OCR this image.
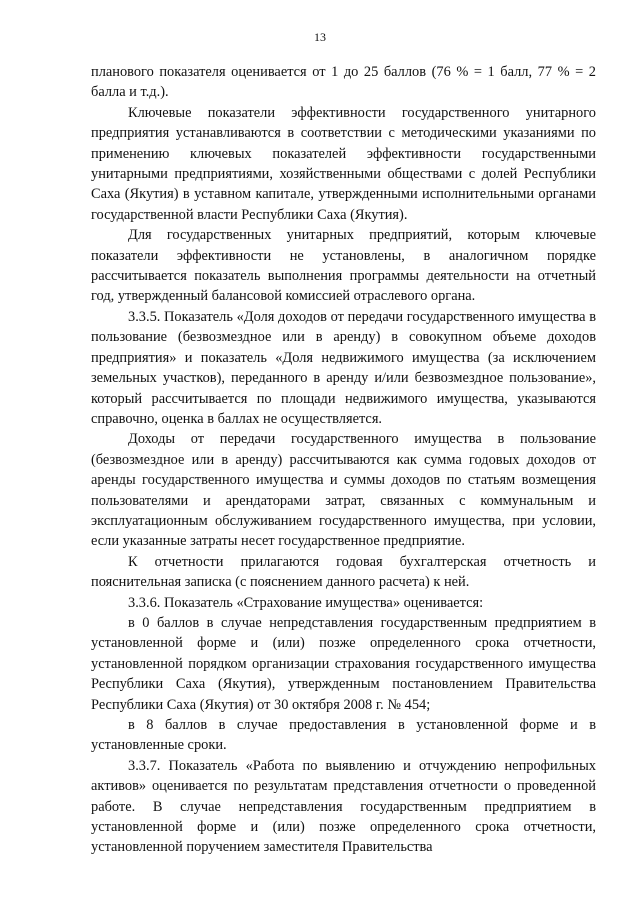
13

планового показателя оценивается от 1 до 25 баллов (76 % = 1 балл, 77 % = 2 балла и т.д.).

Ключевые показатели эффективности государственного унитарного предприятия устанавливаются в соответствии с методическими указаниями по применению ключевых показателей эффективности государственными унитарными предприятиями, хозяйственными обществами с долей Республики Саха (Якутия) в уставном капитале, утвержденными исполнительными органами государственной власти Республики Саха (Якутия).

Для государственных унитарных предприятий, которым ключевые показатели эффективности не установлены, в аналогичном порядке рассчитывается показатель выполнения программы деятельности на отчетный год, утвержденный балансовой комиссией отраслевого органа.

3.3.5. Показатель «Доля доходов от передачи государственного имущества в пользование (безвозмездное или в аренду) в совокупном объеме доходов предприятия» и показатель «Доля недвижимого имущества (за исключением земельных участков), переданного в аренду и/или безвозмездное пользование», который рассчитывается по площади недвижимого имущества, указываются справочно, оценка в баллах не осуществляется.

Доходы от передачи государственного имущества в пользование (безвозмездное или в аренду) рассчитываются как сумма годовых доходов от аренды государственного имущества и суммы доходов по статьям возмещения пользователями и арендаторами затрат, связанных с коммунальным и эксплуатационным обслуживанием государственного имущества, при условии, если указанные затраты несет государственное предприятие.

К отчетности прилагаются годовая бухгалтерская отчетность и пояснительная записка (с пояснением данного расчета) к ней.

3.3.6. Показатель «Страхование имущества» оценивается:

в 0 баллов в случае непредставления государственным предприятием в установленной форме и (или) позже определенного срока отчетности, установленной порядком организации страхования государственного имущества Республики Саха (Якутия), утвержденным постановлением Правительства Республики Саха (Якутия) от 30 октября 2008 г. № 454;

в 8 баллов в случае предоставления в установленной форме и в установленные сроки.

3.3.7. Показатель «Работа по выявлению и отчуждению непрофильных активов» оценивается по результатам представления отчетности о проведенной работе. В случае непредставления государственным предприятием в установленной форме и (или) позже определенного срока отчетности, установленной поручением заместителя Правительства
